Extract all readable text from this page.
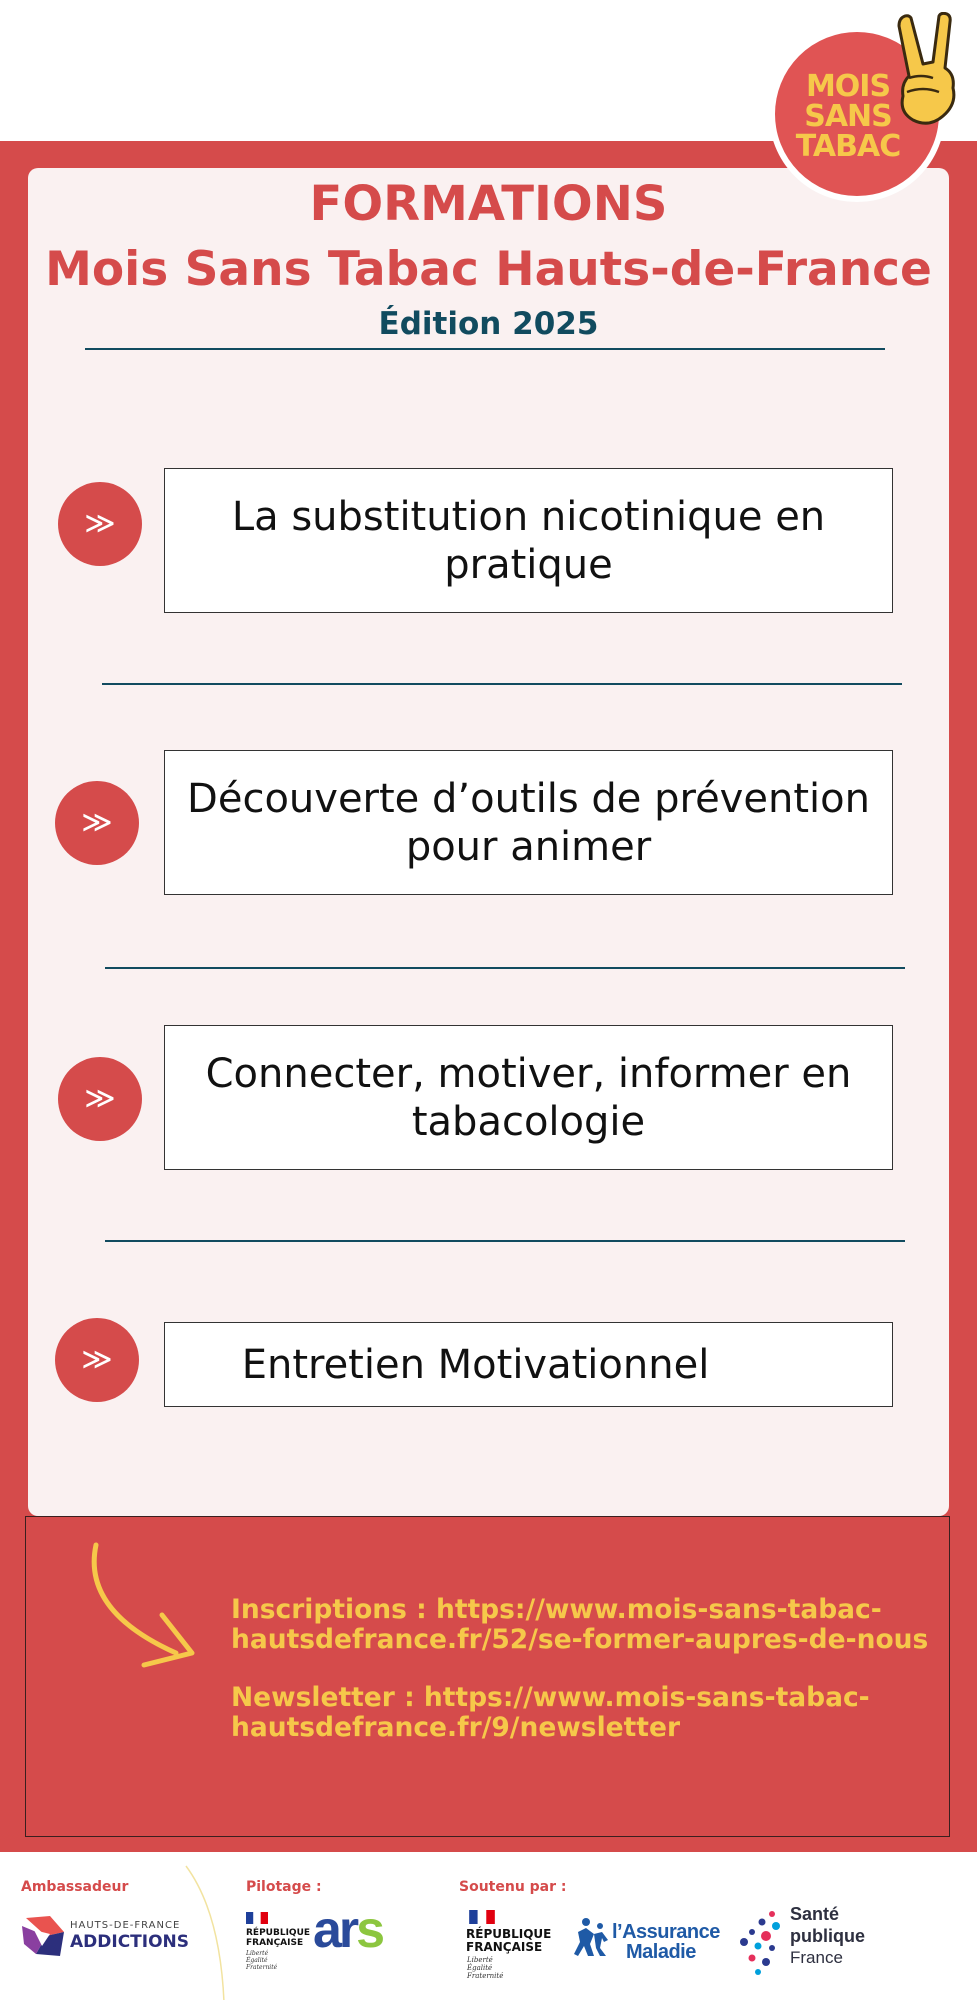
MOIS
SANS
TABAC
FORMATIONS
Mois Sans Tabac Hauts-de-France
Édition 2025
≫	La substitution nicotinique en pratique
≫
Découverte d’outils de prévention pour animer
≫
Connecter, motiver, informer en tabacologie
≫	Entretien Motivationnel
Inscriptions : https://www.mois-sans-tabac-hautsdefrance.fr/52/se-former-aupres-de-nous
Newsletter : https://www.mois-sans-tabac-hautsdefrance.fr/9/newsletter
Ambassadeur	Pilotage :	Soutenu par :
HAUTS-DE-FRANCE
ADDICTIONS	RÉPUBLIQUE
FRANÇAISE
Liberté
Égalité
Fraternité
ars	RÉPUBLIQUE
FRANÇAISE
Liberté
Égalité
Fraternité
l’Assurance
Maladie
Santé
publique
France
